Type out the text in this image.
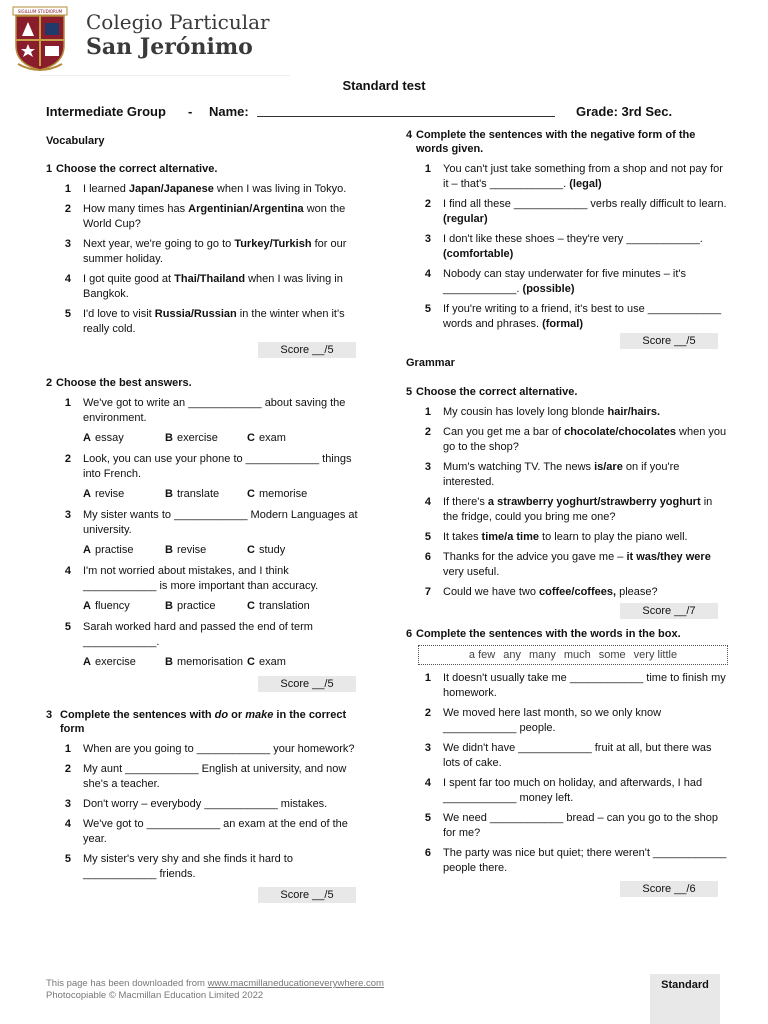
SIGILLUM STUDIORUM Colegio Particular
San Jerónimo
Standard test
Intermediate Group - Name:	Grade: 3rd Sec.
Vocabulary
1 Choose the correct alternative.
1	I learned Japan/Japanese when I was living in Tokyo.
2	How many times has Argentinian/Argentina won the World Cup?
3	Next year, we're going to go to Turkey/Turkish for our summer holiday.
4	I got quite good at Thai/Thailand when I was living in Bangkok.
5	I'd love to visit Russia/Russian in the winter when it's really cold.
Score __/5
2 Choose the best answers.
1	We've got to write an ____________ about saving the environment.
A essay	B exercise	C exam
2	Look, you can use your phone to ____________ things into French.
A revise	B translate	C memorise
3	My sister wants to ____________ Modern Languages at university.
A practise	B revise	C study
4	I'm not worried about mistakes, and I think ____________ is more important than accuracy.
A fluency	B practice	C translation
5	Sarah worked hard and passed the end of term ____________.
A exercise	B memorisation C exam
Score __/5
3 Complete the sentences with do or make in the correct form
1	When are you going to ____________ your homework?
2	My aunt ____________ English at university, and now she's a teacher.
3	Don't worry – everybody ____________ mistakes.
4	We've got to ____________ an exam at the end of the year.
5	My sister's very shy and she finds it hard to ____________ friends.
Score __/5
4 Complete the sentences with the negative form of the words given.
1	You can't just take something from a shop and not pay for it – that's ____________. (legal)
2	I find all these ____________ verbs really difficult to learn. (regular)
3	I don't like these shoes – they're very ____________. (comfortable)
4	Nobody can stay underwater for five minutes – it's ____________. (possible)
5	If you're writing to a friend, it's best to use ____________ words and phrases. (formal)
Score __/5
Grammar
5 Choose the correct alternative.
1	My cousin has lovely long blonde hair/hairs.
2	Can you get me a bar of chocolate/chocolates when you go to the shop?
3	Mum's watching TV. The news is/are on if you're interested.
4	If there's a strawberry yoghurt/strawberry yoghurt in the fridge, could you bring me one?
5	It takes time/a time to learn to play the piano well.
6	Thanks for the advice you gave me – it was/they were very useful.
7	Could we have two coffee/coffees, please?
Score __/7
6 Complete the sentences with the words in the box.
a few any many much some very little
1	It doesn't usually take me ____________ time to finish my homework.
2	We moved here last month, so we only know ____________ people.
3	We didn't have ____________ fruit at all, but there was lots of cake.
4	I spent far too much on holiday, and afterwards, I had ____________ money left.
5	We need ____________ bread – can you go to the shop for me?
6	The party was nice but quiet; there weren't ____________ people there.
Score __/6
This page has been downloaded from www.macmillaneducationeverywhere.com
Photocopiable © Macmillan Education Limited 2022
Standard
